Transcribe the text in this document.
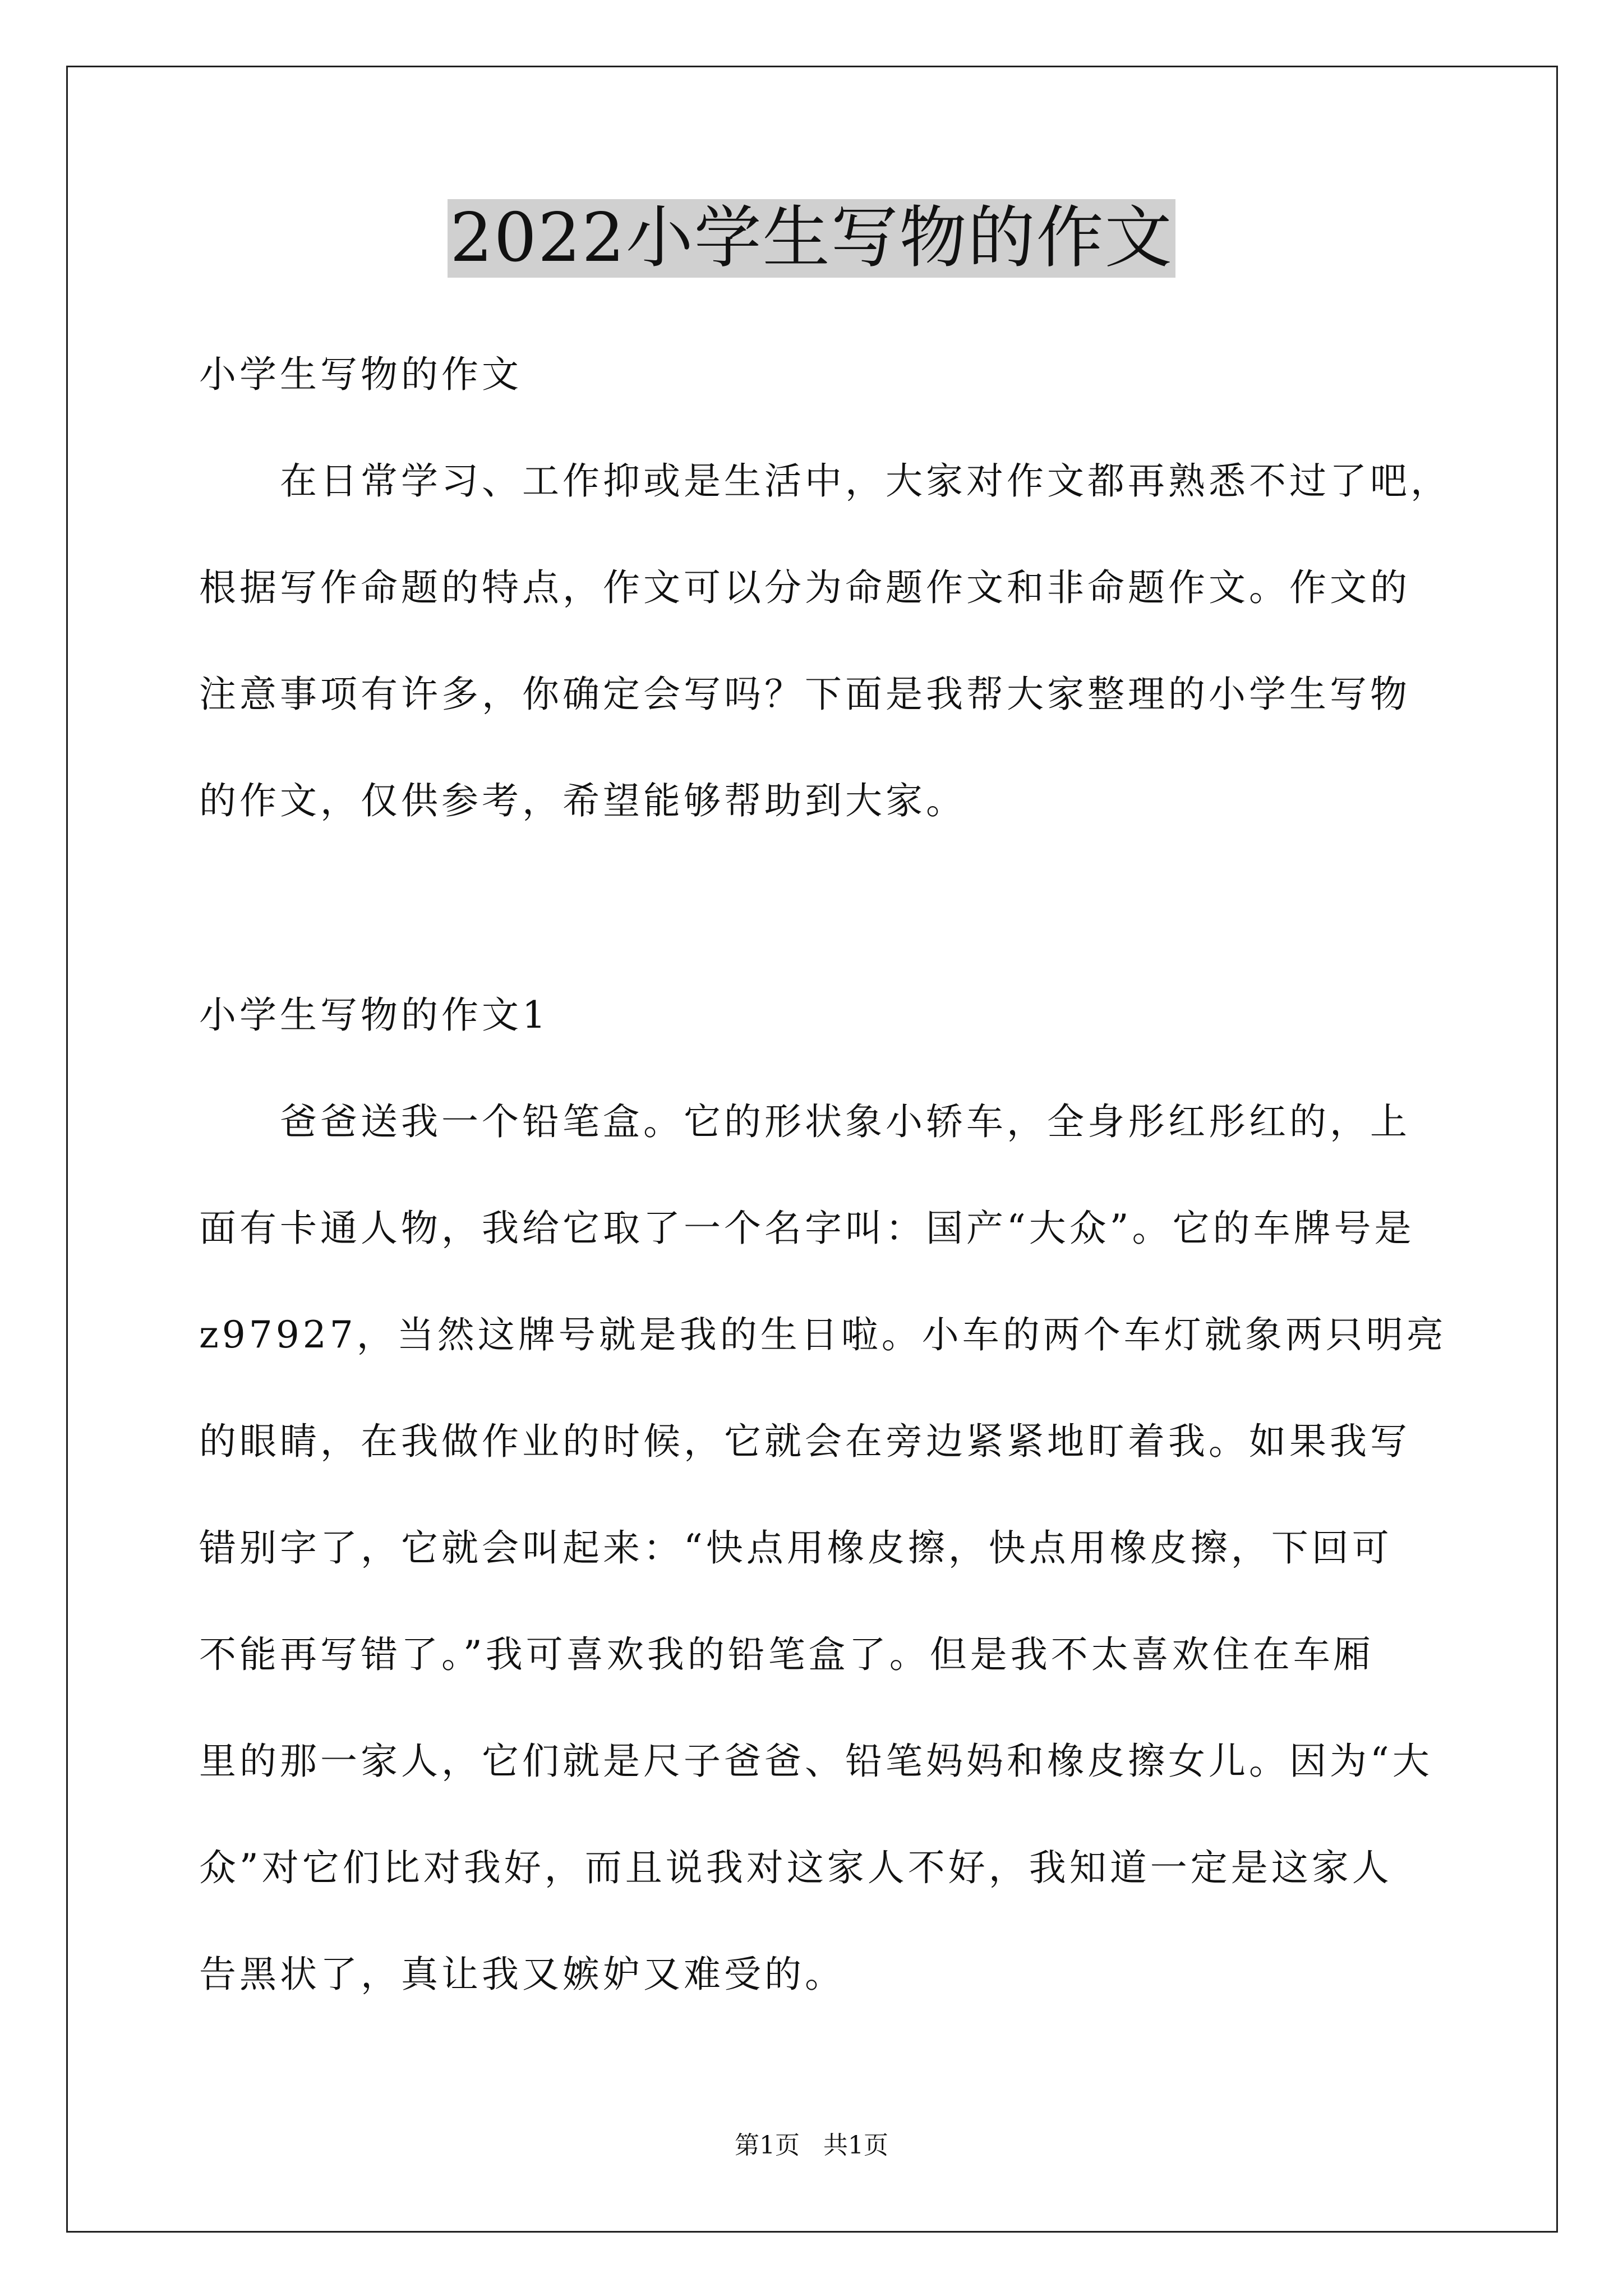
2022小学生写物的作文
小学生写物的作文
　　在日常学习、工作抑或是生活中，大家对作文都再熟悉不过了吧，
根据写作命题的特点，作文可以分为命题作文和非命题作文。作文的
注意事项有许多，你确定会写吗？下面是我帮大家整理的小学生写物
的作文，仅供参考，希望能够帮助到大家。
小学生写物的作文1
　　爸爸送我一个铅笔盒。它的形状象小轿车，全身彤红彤红的，上
面有卡通人物，我给它取了一个名字叫：国产“大众”。它的车牌号是
z97927，当然这牌号就是我的生日啦。小车的两个车灯就象两只明亮
的眼睛，在我做作业的时候，它就会在旁边紧紧地盯着我。如果我写
错别字了，它就会叫起来：“快点用橡皮擦，快点用橡皮擦，下回可
不能再写错了。”我可喜欢我的铅笔盒了。但是我不太喜欢住在车厢
里的那一家人，它们就是尺子爸爸、铅笔妈妈和橡皮擦女儿。因为“大
众”对它们比对我好，而且说我对这家人不好，我知道一定是这家人
告黑状了，真让我又嫉妒又难受的。
第1页 共1页
